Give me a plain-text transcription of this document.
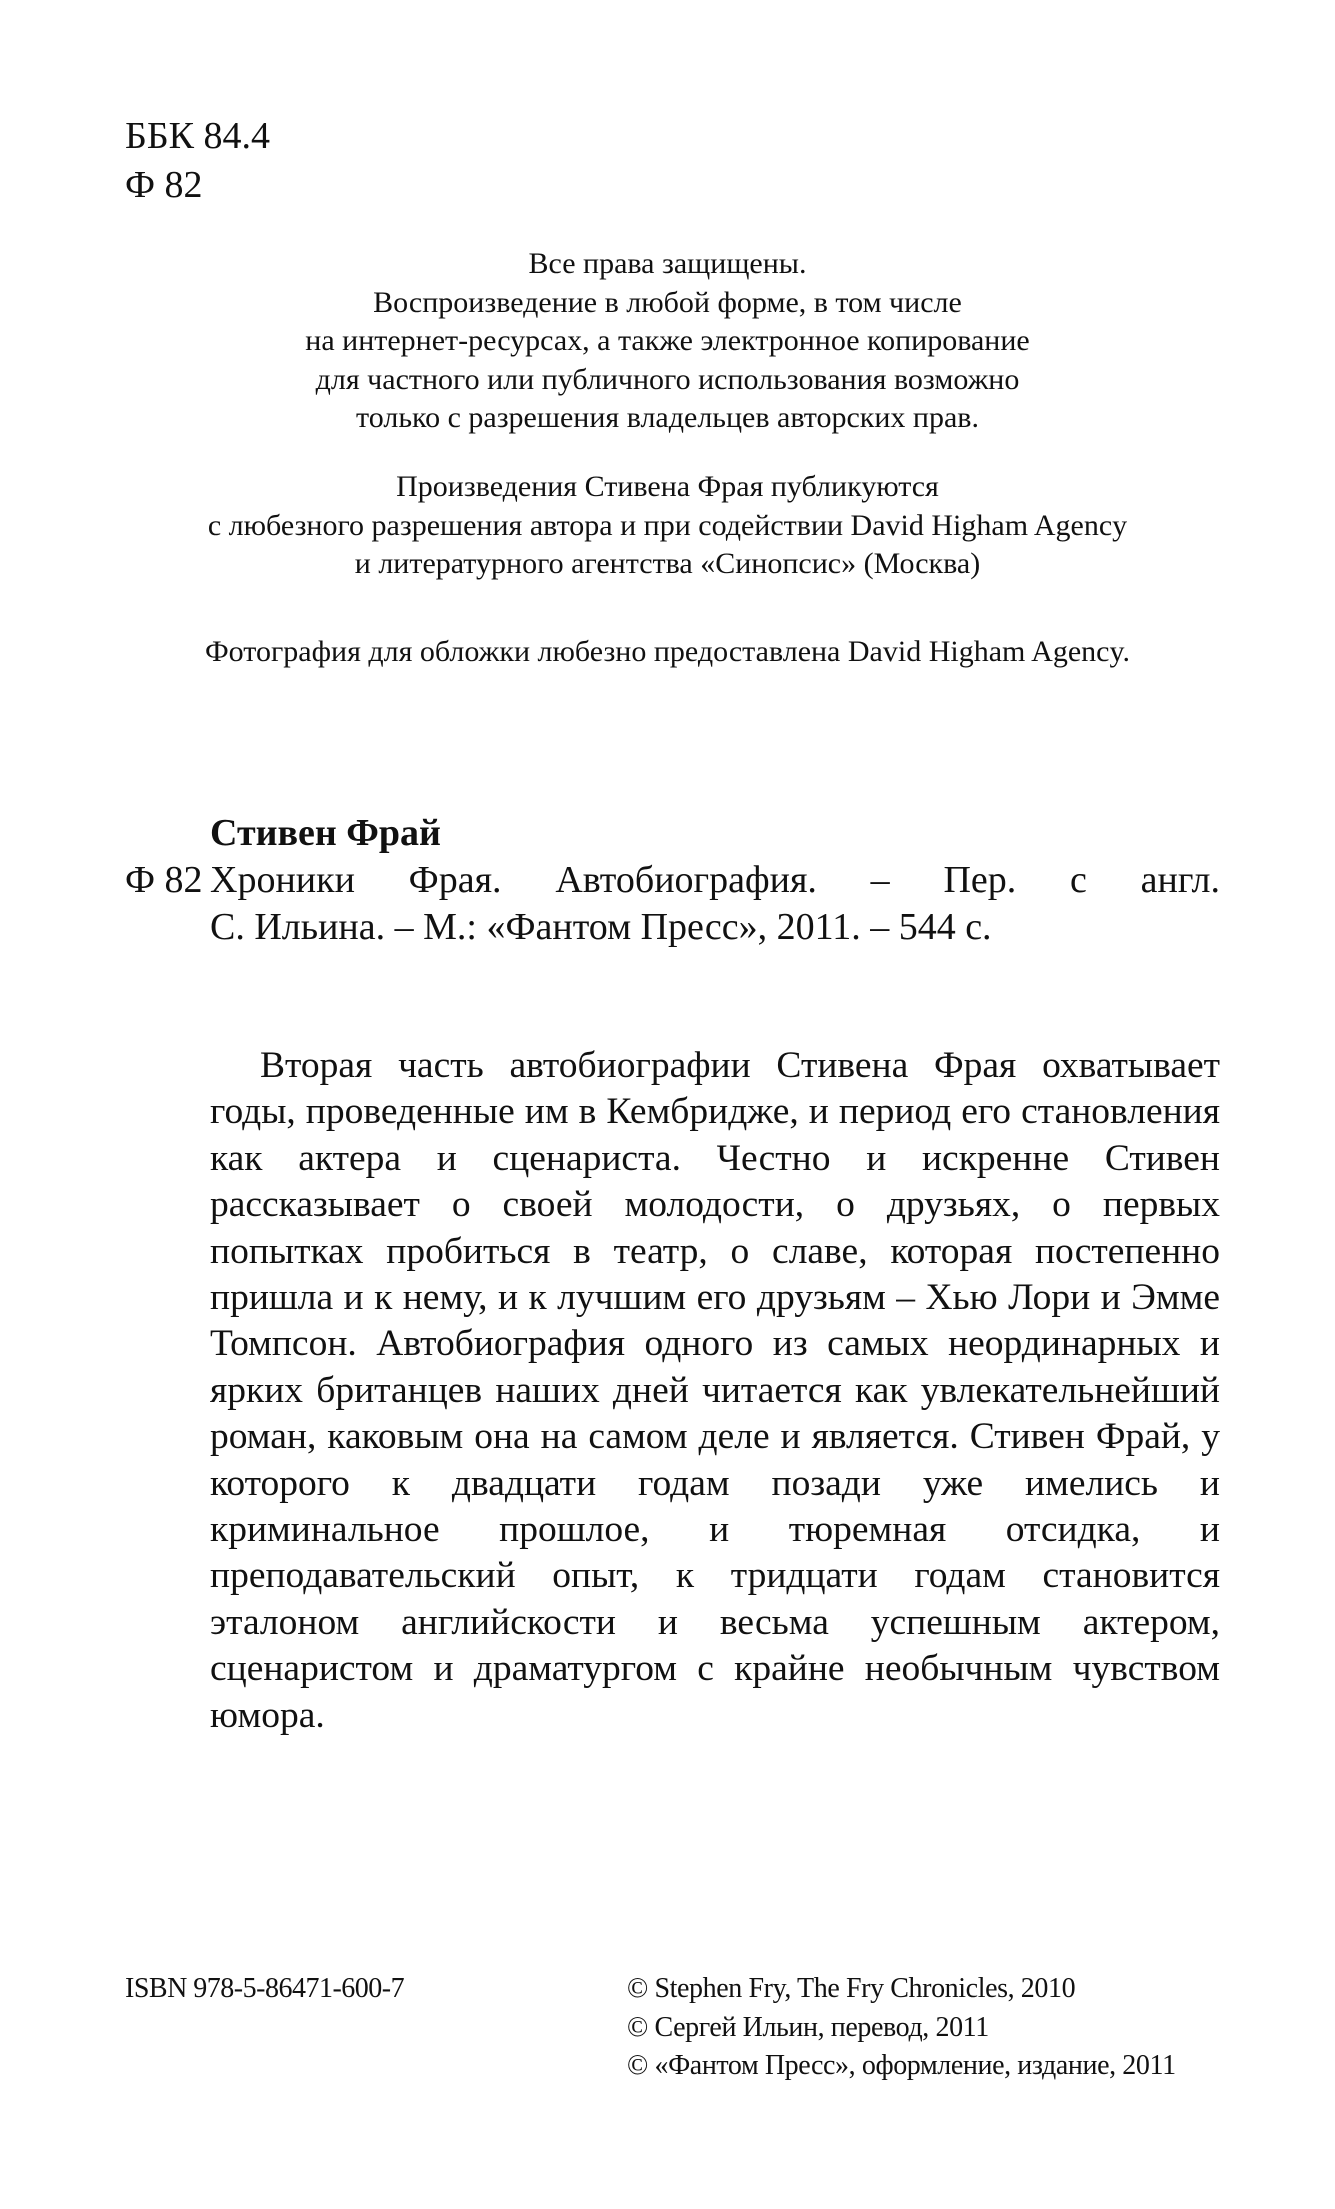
ББК 84.4
Ф 82
Все права защищены.
Воспроизведение в любой форме, в том числе
на интернет-ресурсах, а также электронное копирование
для частного или публичного использования возможно
только с разрешения владельцев авторских прав.
Произведения Стивена Фрая публикуются
с любезного разрешения автора и при содействии David Higham Agency
и литературного агентства «Синопсис» (Москва)
Фотография для обложки любезно предоставлена David Higham Agency.
Стивен Фрай
Ф 82 Хроники Фрая. Автобиография. – Пер. с англ.
С. Ильина. – М.: «Фантом Пресс», 2011. – 544 с.

Вторая часть автобиографии Стивена Фрая охватывает годы, проведенные им в Кембридже, и период его становления как актера и сценариста. Честно и искренне Стивен рассказывает о своей молодости, о друзьях, о первых попытках пробиться в театр, о славе, которая постепенно пришла и к нему, и к лучшим его друзьям – Хью Лори и Эмме Томпсон. Автобиография одного из самых неординарных и ярких британцев наших дней читается как увлекательнейший роман, каковым она на самом деле и является. Стивен Фрай, у которого к двадцати годам позади уже имелись и криминальное прошлое, и тюремная отсидка, и преподавательский опыт, к тридцати годам становится эталоном английскости и весьма успешным актером, сценаристом и драматургом с крайне необычным чувством юмора.

ISBN 978-5-86471-600-7	© Stephen Fry, The Fry Chronicles, 2010
© Сергей Ильин, перевод, 2011
© «Фантом Пресс», оформление, издание, 2011
